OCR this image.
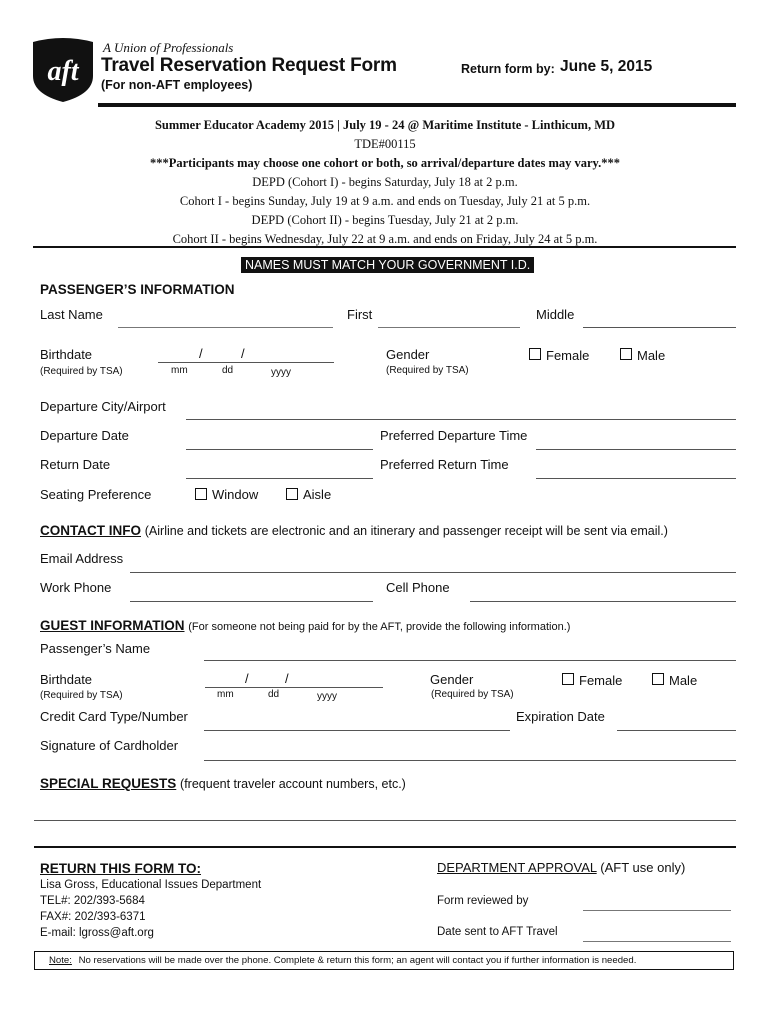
aft
A Union of Professionals
Travel Reservation Request Form
(For non-AFT employees)
Return form by: June 5, 2015
Summer Educator Academy 2015 | July 19 - 24 @ Maritime Institute - Linthicum, MD
TDE#00115
***Participants may choose one cohort or both, so arrival/departure dates may vary.***
DEPD (Cohort I) - begins Saturday, July 18 at 2 p.m.
Cohort I - begins Sunday, July 19 at 9 a.m. and ends on Tuesday, July 21 at 5 p.m.
DEPD (Cohort II) - begins Tuesday, July 21 at 2 p.m.
Cohort II - begins Wednesday, July 22 at 9 a.m. and ends on Friday, July 24 at 5 p.m.
NAMES MUST MATCH YOUR GOVERNMENT I.D.
PASSENGER’S INFORMATION
Last Name	First	Middle
Birthdate
(Required by TSA)
/	/
mm	dd	yyyy
Gender
(Required by TSA)
Female	Male
Departure City/Airport
Departure Date	Preferred Departure Time
Return Date	Preferred Return Time
Seating Preference	Window	Aisle
CONTACT INFO (Airline and tickets are electronic and an itinerary and passenger receipt will be sent via email.)
Email Address
Work Phone	Cell Phone
GUEST INFORMATION (For someone not being paid for by the AFT, provide the following information.)
Passenger’s Name
Birthdate
(Required by TSA)
/	/
mm	dd	yyyy
Gender
(Required by TSA)
Female	Male
Credit Card Type/Number	Expiration Date
Signature of Cardholder
SPECIAL REQUESTS (frequent traveler account numbers, etc.)
RETURN THIS FORM TO:
Lisa Gross, Educational Issues Department
TEL#: 202/393-5684
FAX#: 202/393-6371
E-mail: lgross@aft.org
DEPARTMENT APPROVAL (AFT use only)
Form reviewed by
Date sent to AFT Travel
Note: No reservations will be made over the phone. Complete & return this form; an agent will contact you if further information is needed.
